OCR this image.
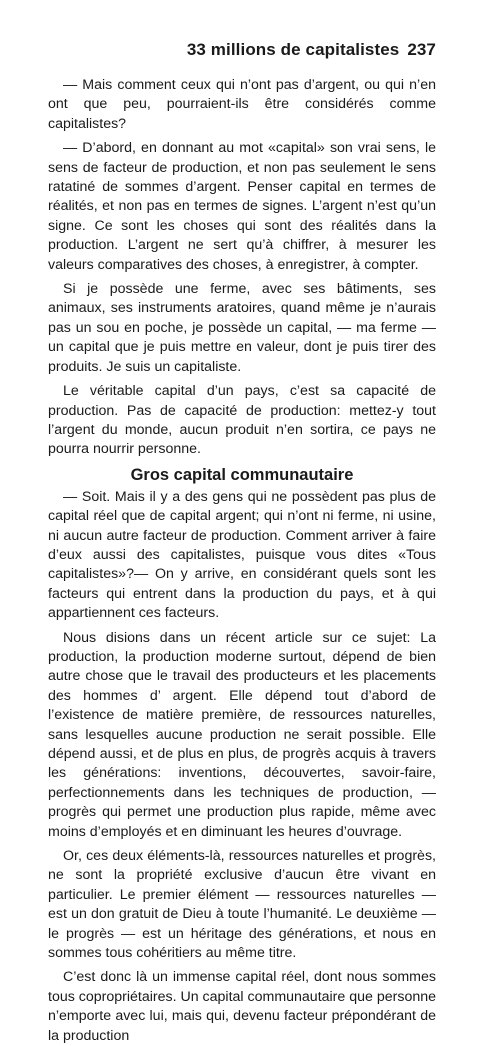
33 millions de capitalistes 237

— Mais comment ceux qui n’ont pas d’argent, ou qui n’en ont que peu, pourraient-ils être considérés comme capitalistes?

— D’abord, en donnant au mot «capital» son vrai sens, le sens de facteur de production, et non pas seulement le sens ratatiné de sommes d’argent. Penser capital en termes de réalités, et non pas en termes de signes. L’argent n’est qu’un signe. Ce sont les choses qui sont des réalités dans la production. L’argent ne sert qu’à chiffrer, à mesurer les valeurs comparatives des choses, à enregistrer, à compter.

Si je possède une ferme, avec ses bâtiments, ses animaux, ses instruments aratoires, quand même je n’aurais pas un sou en poche, je possède un capital, — ma ferme — un capital que je puis mettre en valeur, dont je puis tirer des produits. Je suis un capitaliste.

Le véritable capital d’un pays, c’est sa capacité de production. Pas de capacité de production: mettez-y tout l’argent du monde, aucun produit n’en sortira, ce pays ne pourra nourrir personne.

Gros capital communautaire

— Soit. Mais il y a des gens qui ne possèdent pas plus de capital réel que de capital argent; qui n’ont ni ferme, ni usine, ni aucun autre facteur de production. Comment arriver à faire d’eux aussi des capitalistes, puisque vous dites «Tous capitalistes»?— On y arrive, en considérant quels sont les facteurs qui entrent dans la production du pays, et à qui appartiennent ces facteurs.

Nous disions dans un récent article sur ce sujet: La production, la production moderne surtout, dépend de bien autre chose que le travail des producteurs et les placements des hommes d’ argent. Elle dépend tout d’abord de l’existence de matière première, de ressources naturelles, sans lesquelles aucune production ne serait possible. Elle dépend aussi, et de plus en plus, de progrès acquis à travers les générations: inventions, découvertes, savoir-faire, perfectionnements dans les techniques de production, — progrès qui permet une production plus rapide, même avec moins d’employés et en diminuant les heures d’ouvrage.

Or, ces deux éléments-là, ressources naturelles et progrès, ne sont la propriété exclusive d’aucun être vivant en particulier. Le premier élément — ressources naturelles — est un don gratuit de Dieu à toute l’humanité. Le deuxième — le progrès — est un héritage des générations, et nous en sommes tous cohéritiers au même titre.

C’est donc là un immense capital réel, dont nous sommes tous copropriétaires. Un capital communautaire que personne n’emporte avec lui, mais qui, devenu facteur prépondérant de la production
